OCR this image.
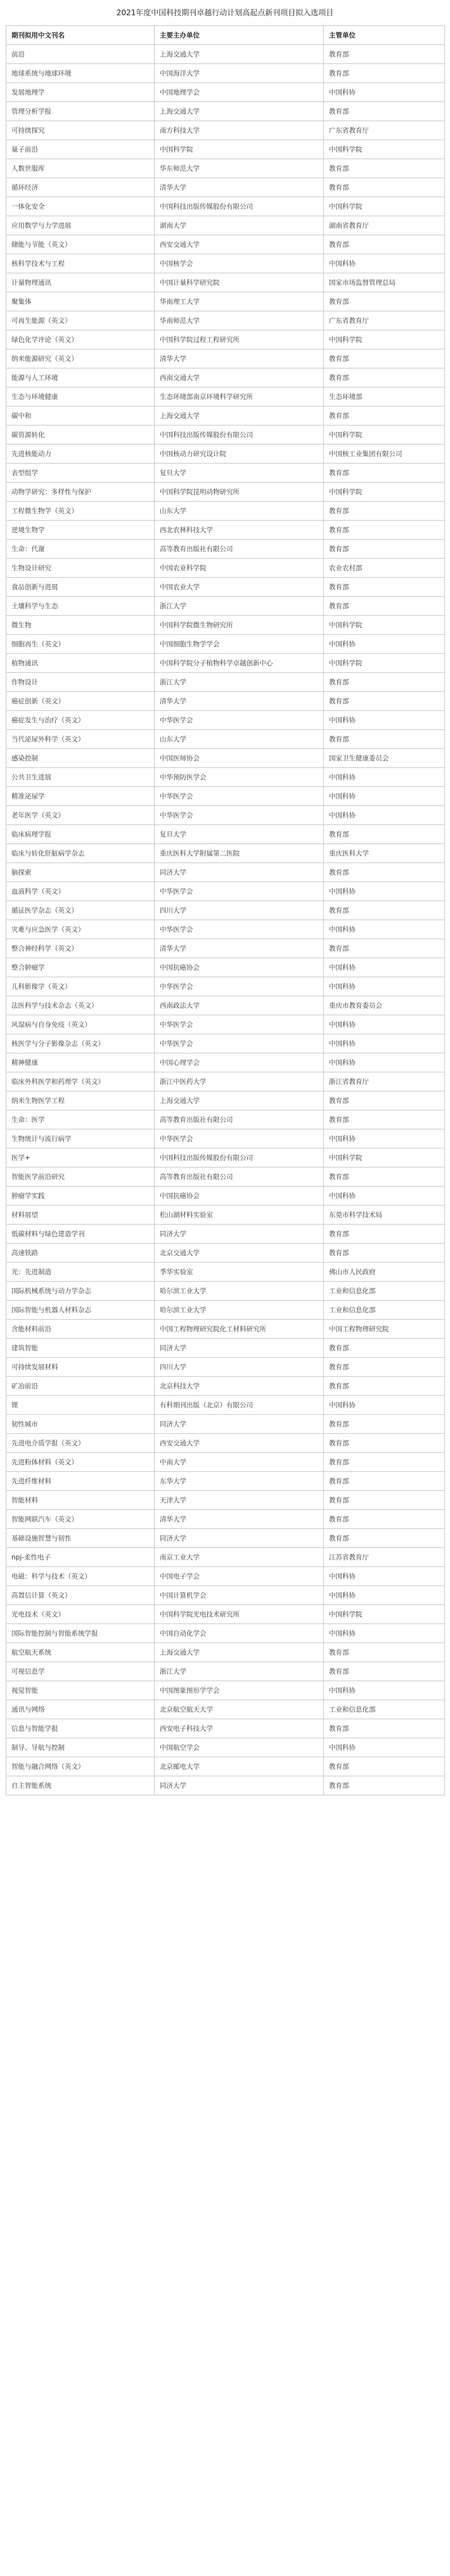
2021年度中国科技期刊卓越行动计划高起点新刊项目拟入选项目
期刊拟用中文刊名	主要主办单位	主管单位
前沿	上海交通大学	教育部
地球系统与地球环境	中国海洋大学	教育部
发展地理学	中国地理学会	中国科协
管理分析学报	上海交通大学	教育部
可持续探究	南方科技大学	广东省教育厅
量子前沿	中国科学院	中国科学院
人数世服库	华东师范大学	教育部
循环经济	清华大学	教育部
一体化安全	中国科技出版传媒股份有限公司	中国科学院
应用数学与力学进展	湖南大学	湖南省教育厅
储能与节能（英文）	西安交通大学	教育部
核科学技术与工程	中国核学会	中国科协
计量物理通讯	中国计量科学研究院	国家市场监督管理总局
聚集体	华南理工大学	教育部
可再生能源（英文）	华南师范大学	广东省教育厅
绿色化学评论（英文）	中国科学院过程工程研究所	中国科学院
纳米能源研究（英文）	清华大学	教育部
能源与人工环境	西南交通大学	教育部
生态与环境健康	生态环境部南京环境科学研究所	生态环境部
碳中和	上海交通大学	教育部
碳资源转化	中国科技出版传媒股份有限公司	中国科学院
先进核能动力	中国核动力研究设计院	中国核工业集团有限公司
表型组学	复旦大学	教育部
动物学研究：多样性与保护	中国科学院昆明动物研究所	中国科学院
工程微生物学（英文）	山东大学	教育部
逆境生物学	西北农林科技大学	教育部
生命：代谢	高等教育出版社有限公司	教育部
生物设计研究	中国农业科学院	农业农村部
食品创新与进展	中国农业大学	教育部
土壤科学与生态	浙江大学	教育部
微生物	中国科学院微生物研究所	中国科学院
细胞再生（英文）	中国细胞生物学学会	中国科协
植物通讯	中国科学院分子植物科学卓越创新中心	中国科学院
作物设计	浙江大学	教育部
癌症创新（英文）	清华大学	教育部
癌症发生与治疗（英文）	中华医学会	中国科协
当代泌尿外科学（英文）	山东大学	教育部
感染控制	中国医师协会	国家卫生健康委员会
公共卫生进展	中华预防医学会	中国科协
精准泌尿学	中华医学会	中国科协
老年医学（英文）	中华医学会	中国科协
临床病理学报	复旦大学	教育部
临床与转化肝脏病学杂志	重庆医科大学附属第二医院	重庆医科大学
脑探索	同济大学	教育部
血液科学（英文）	中华医学会	中国科协
循证医学杂志（英文）	四川大学	教育部
灾难与应急医学（英文）	中华医学会	中国科协
整合神经科学（英文）	清华大学	教育部
整合肿瘤学	中国抗癌协会	中国科协
儿科影像学（英文）	中华医学会	中国科协
法医科学与技术杂志（英文）	西南政法大学	重庆市教育委员会
风湿病与自身免疫（英文）	中华医学会	中国科协
核医学与分子影像杂志（英文）	中华医学会	中国科协
精神健康	中国心理学会	中国科协
临床外科医学和药理学（英文）	浙江中医药大学	浙江省教育厅
纳米生物医学工程	上海交通大学	教育部
生命：医学	高等教育出版社有限公司	教育部
生物统计与流行病学	中华医学会	中国科协
医学+	中国科技出版传媒股份有限公司	中国科学院
智能医学前沿研究	高等教育出版社有限公司	教育部
肿瘤学实践	中国抗癌协会	中国科协
材料展望	松山湖材料实验室	东莞市科学技术局
低碳材料与绿色建造学刊	同济大学	教育部
高速铁路	北京交通大学	教育部
光：先进制造	季华实验室	佛山市人民政府
国际机械系统与动力学杂志	哈尔滨工业大学	工业和信息化部
国际智能与机器人材料杂志	哈尔滨工业大学	工业和信息化部
含能材料前沿	中国工程物理研究院化工材料研究所	中国工程物理研究院
建筑智能	同济大学	教育部
可持续发展材料	四川大学	教育部
矿冶前沿	北京科技大学	教育部
锂	有科期刊出版（北京）有限公司	中国科协
韧性城市	同济大学	教育部
先进电介质学报（英文）	西安交通大学	教育部
先进粉体材料（英文）	中南大学	教育部
先进纤维材料	东华大学	教育部
智能材料	天津大学	教育部
智能网联汽车（英文）	清华大学	教育部
基础设施智慧与韧性	同济大学	教育部
npj-柔性电子	南京工业大学	江苏省教育厅
电磁：科学与技术（英文）	中国电子学会	中国科协
高置信计算（英文）	中国计算机学会	中国科协
光电技术（英文）	中国科学院光电技术研究所	中国科学院
国际智能控制与智能系统学报	中国自动化学会	中国科协
航空航天系统	上海交通大学	教育部
可视信息学	浙江大学	教育部
视觉智能	中国图象图形学学会	中国科协
通讯与网络	北京航空航天大学	工业和信息化部
信息与智能学报	西安电子科技大学	教育部
制导、导航与控制	中国航空学会	中国科协
智能与融合网络（英文）	北京邮电大学	教育部
自主智能系统	同济大学	教育部
